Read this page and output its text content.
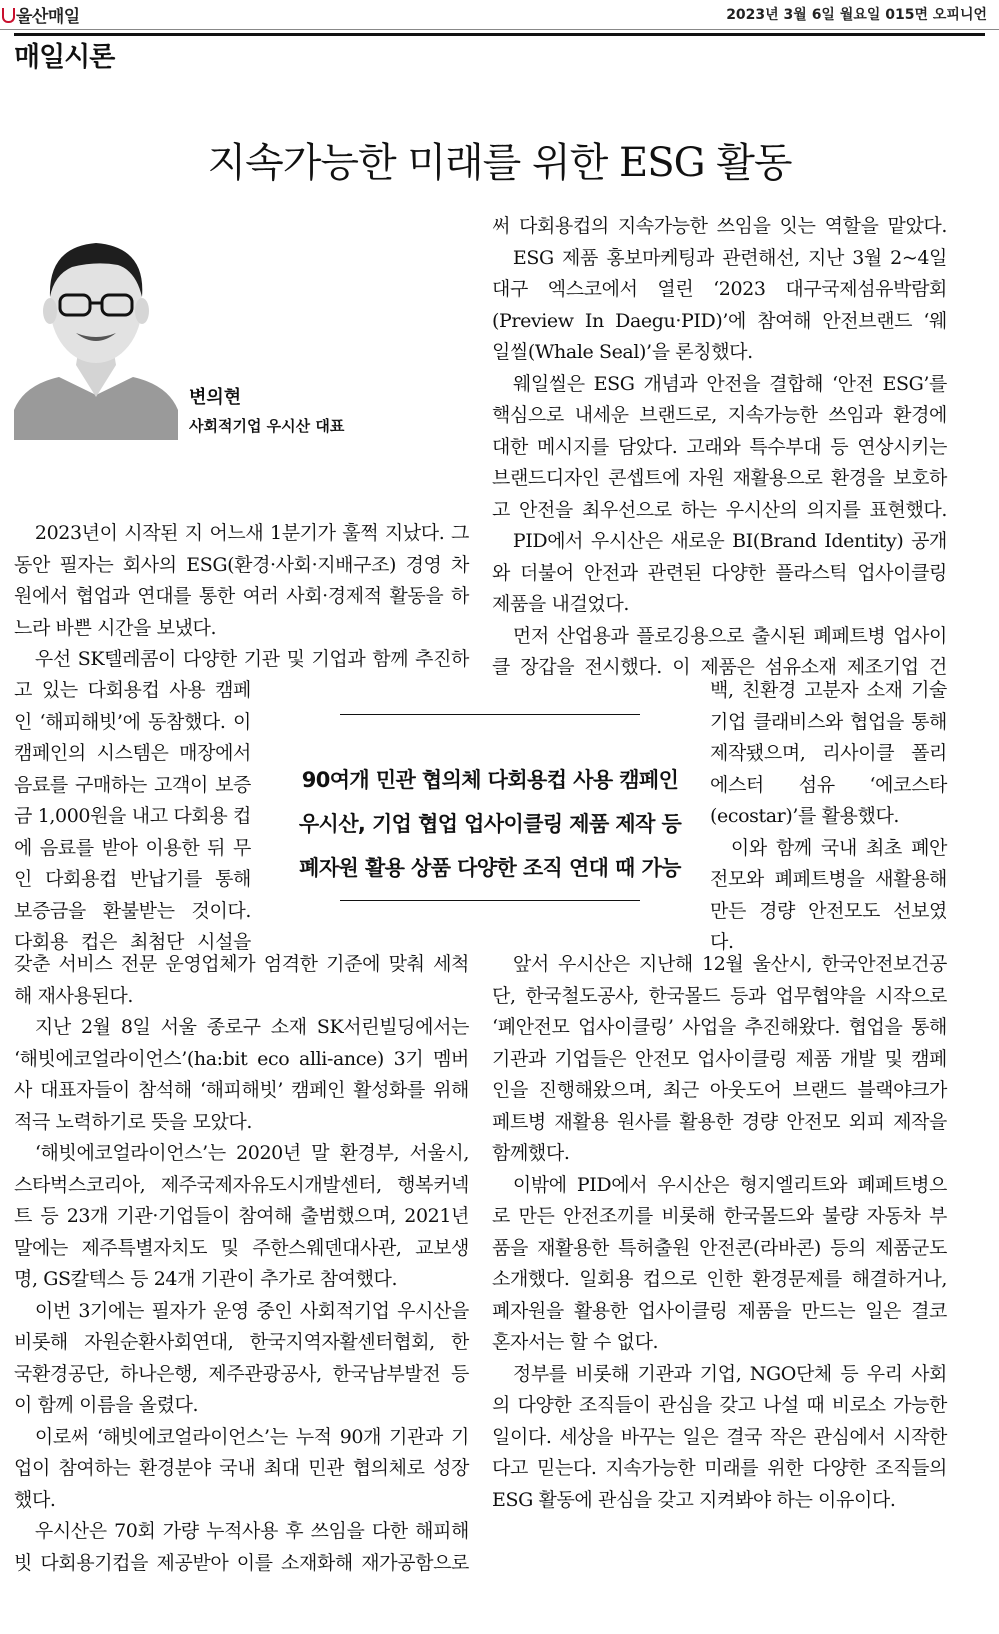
울산매일	2023년 3월 6일 월요일 015면 오피니언
매일시론
지속가능한 미래를 위한 ESG 활동
변의현
사회적기업 우시산 대표

2023년이 시작된 지 어느새 1분기가 훌쩍 지났다. 그

동안 필자는 회사의 ESG(환경·사회·지배구조) 경영 차

원에서 협업과 연대를 통한 여러 사회·경제적 활동을 하

느라 바쁜 시간을 보냈다.

우선 SK텔레콤이 다양한 기관 및 기업과 함께 추진하

고 있는 다회용컵 사용 캠페

인 ‘해피해빗’에 동참했다. 이

캠페인의 시스템은 매장에서

음료를 구매하는 고객이 보증

금 1,000원을 내고 다회용 컵

에 음료를 받아 이용한 뒤 무

인 다회용컵 반납기를 통해

보증금을 환불받는 것이다.

다회용 컵은 최첨단 시설을

갖춘 서비스 전문 운영업체가 엄격한 기준에 맞춰 세척

해 재사용된다.

지난 2월 8일 서울 종로구 소재 SK서린빌딩에서는

‘해빗에코얼라이언스’(ha:bit eco alli-ance) 3기 멤버

사 대표자들이 참석해 ‘해피해빗’ 캠페인 활성화를 위해

적극 노력하기로 뜻을 모았다.

‘해빗에코얼라이언스’는 2020년 말 환경부, 서울시,

스타벅스코리아, 제주국제자유도시개발센터, 행복커넥

트 등 23개 기관·기업들이 참여해 출범했으며, 2021년

말에는 제주특별자치도 및 주한스웨덴대사관, 교보생

명, GS칼텍스 등 24개 기관이 추가로 참여했다.

이번 3기에는 필자가 운영 중인 사회적기업 우시산을

비롯해 자원순환사회연대, 한국지역자활센터협회, 한

국환경공단, 하나은행, 제주관광공사, 한국남부발전 등

이 함께 이름을 올렸다.

이로써 ‘해빗에코얼라이언스’는 누적 90개 기관과 기

업이 참여하는 환경분야 국내 최대 민관 협의체로 성장

했다.

우시산은 70회 가량 누적사용 후 쓰임을 다한 해피해

빗 다회용기컵을 제공받아 이를 소재화해 재가공함으로

써 다회용컵의 지속가능한 쓰임을 잇는 역할을 맡았다.

ESG 제품 홍보마케팅과 관련해선, 지난 3월 2~4일

대구 엑스코에서 열린 ‘2023 대구국제섬유박람회

(Preview In Daegu·PID)’에 참여해 안전브랜드 ‘웨

일씰(Whale Seal)’을 론칭했다.

웨일씰은 ESG 개념과 안전을 결합해 ‘안전 ESG’를

핵심으로 내세운 브랜드로, 지속가능한 쓰임과 환경에

대한 메시지를 담았다. 고래와 특수부대 등 연상시키는

브랜드디자인 콘셉트에 자원 재활용으로 환경을 보호하

고 안전을 최우선으로 하는 우시산의 의지를 표현했다.

PID에서 우시산은 새로운 BI(Brand Identity) 공개

와 더불어 안전과 관련된 다양한 플라스틱 업사이클링

제품을 내걸었다.

먼저 산업용과 플로깅용으로 출시된 폐페트병 업사이

클 장갑을 전시했다. 이 제품은 섬유소재 제조기업 건

백, 친환경 고분자 소재 기술

기업 클래비스와 협업을 통해

제작됐으며, 리사이클 폴리

에스터 섬유 ‘에코스타

(ecostar)’를 활용했다.

이와 함께 국내 최초 폐안

전모와 폐페트병을 새활용해

만든 경량 안전모도 선보였

다.

앞서 우시산은 지난해 12월 울산시, 한국안전보건공

단, 한국철도공사, 한국몰드 등과 업무협약을 시작으로

‘폐안전모 업사이클링’ 사업을 추진해왔다. 협업을 통해

기관과 기업들은 안전모 업사이클링 제품 개발 및 캠페

인을 진행해왔으며, 최근 아웃도어 브랜드 블랙야크가

페트병 재활용 원사를 활용한 경량 안전모 외피 제작을

함께했다.

이밖에 PID에서 우시산은 형지엘리트와 폐페트병으

로 만든 안전조끼를 비롯해 한국몰드와 불량 자동차 부

품을 재활용한 특허출원 안전콘(라바콘) 등의 제품군도

소개했다. 일회용 컵으로 인한 환경문제를 해결하거나,

폐자원을 활용한 업사이클링 제품을 만드는 일은 결코

혼자서는 할 수 없다.

정부를 비롯해 기관과 기업, NGO단체 등 우리 사회

의 다양한 조직들이 관심을 갖고 나설 때 비로소 가능한

일이다. 세상을 바꾸는 일은 결국 작은 관심에서 시작한

다고 믿는다. 지속가능한 미래를 위한 다양한 조직들의

ESG 활동에 관심을 갖고 지켜봐야 하는 이유이다.

90여개 민관 협의체 다회용컵 사용 캠페인
우시산, 기업 협업 업사이클링 제품 제작 등
폐자원 활용 상품 다양한 조직 연대 때 가능
